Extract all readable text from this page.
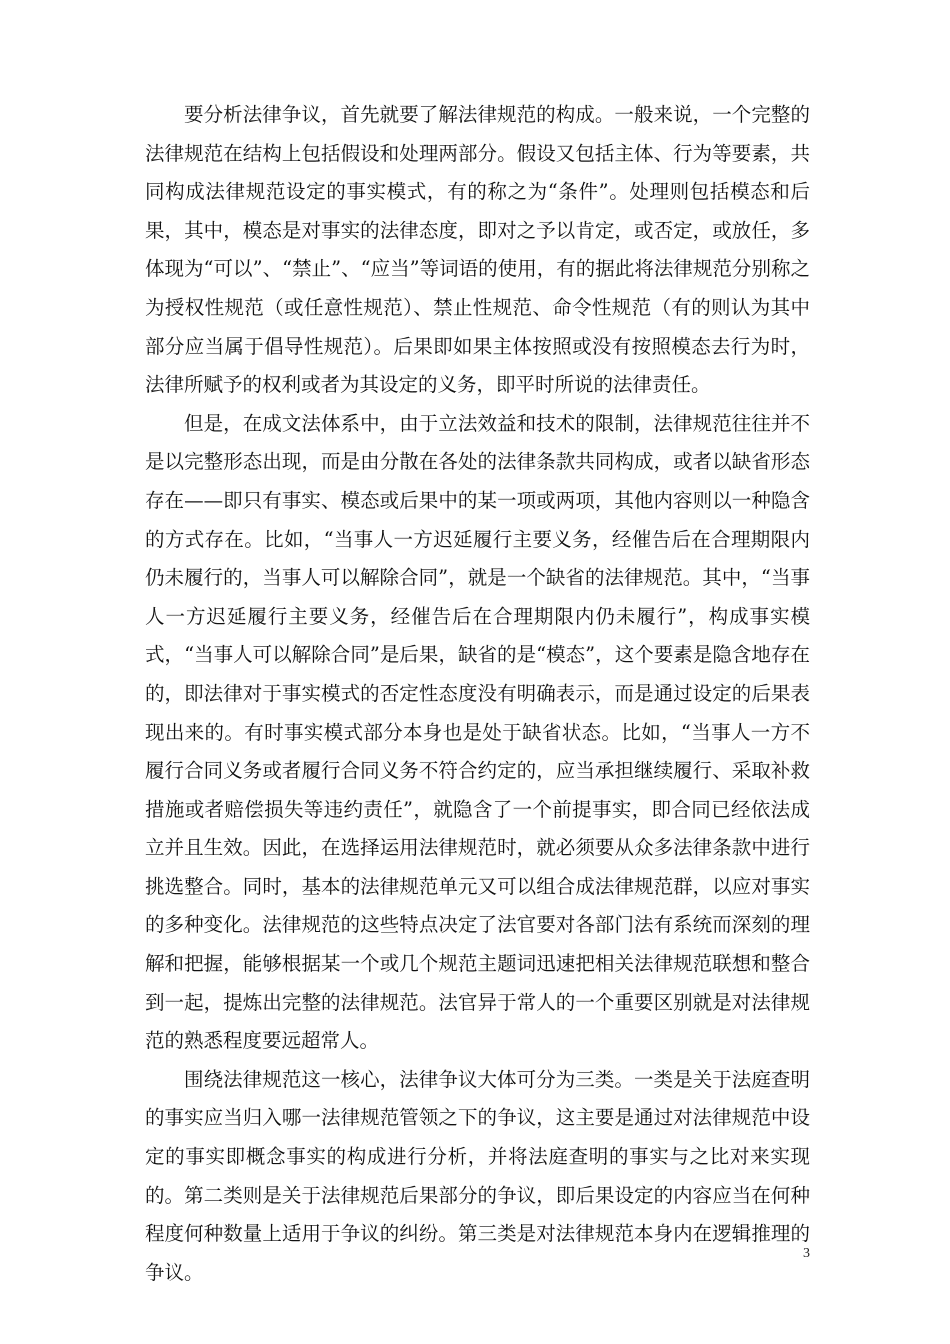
要分析法律争议，首先就要了解法律规范的构成。一般来说，一个完整的法律规范在结构上包括假设和处理两部分。假设又包括主体、行为等要素，共同构成法律规范设定的事实模式，有的称之为“条件”。处理则包括模态和后果，其中，模态是对事实的法律态度，即对之予以肯定，或否定，或放任，多体现为“可以”、“禁止”、“应当”等词语的使用，有的据此将法律规范分别称之为授权性规范（或任意性规范）、禁止性规范、命令性规范（有的则认为其中部分应当属于倡导性规范）。后果即如果主体按照或没有按照模态去行为时，法律所赋予的权利或者为其设定的义务，即平时所说的法律责任。

但是，在成文法体系中，由于立法效益和技术的限制，法律规范往往并不是以完整形态出现，而是由分散在各处的法律条款共同构成，或者以缺省形态存在——即只有事实、模态或后果中的某一项或两项，其他内容则以一种隐含的方式存在。比如，“当事人一方迟延履行主要义务，经催告后在合理期限内仍未履行的，当事人可以解除合同”，就是一个缺省的法律规范。其中，“当事人一方迟延履行主要义务，经催告后在合理期限内仍未履行”，构成事实模式，“当事人可以解除合同”是后果，缺省的是“模态”，这个要素是隐含地存在的，即法律对于事实模式的否定性态度没有明确表示，而是通过设定的后果表现出来的。有时事实模式部分本身也是处于缺省状态。比如，“当事人一方不履行合同义务或者履行合同义务不符合约定的，应当承担继续履行、采取补救措施或者赔偿损失等违约责任”，就隐含了一个前提事实，即合同已经依法成立并且生效。因此，在选择运用法律规范时，就必须要从众多法律条款中进行挑选整合。同时，基本的法律规范单元又可以组合成法律规范群，以应对事实的多种变化。法律规范的这些特点决定了法官要对各部门法有系统而深刻的理解和把握，能够根据某一个或几个规范主题词迅速把相关法律规范联想和整合到一起，提炼出完整的法律规范。法官异于常人的一个重要区别就是对法律规范的熟悉程度要远超常人。

围绕法律规范这一核心，法律争议大体可分为三类。一类是关于法庭查明的事实应当归入哪一法律规范管领之下的争议，这主要是通过对法律规范中设定的事实即概念事实的构成进行分析，并将法庭查明的事实与之比对来实现的。第二类则是关于法律规范后果部分的争议，即后果设定的内容应当在何种程度何种数量上适用于争议的纠纷。第三类是对法律规范本身内在逻辑推理的争议。

3
